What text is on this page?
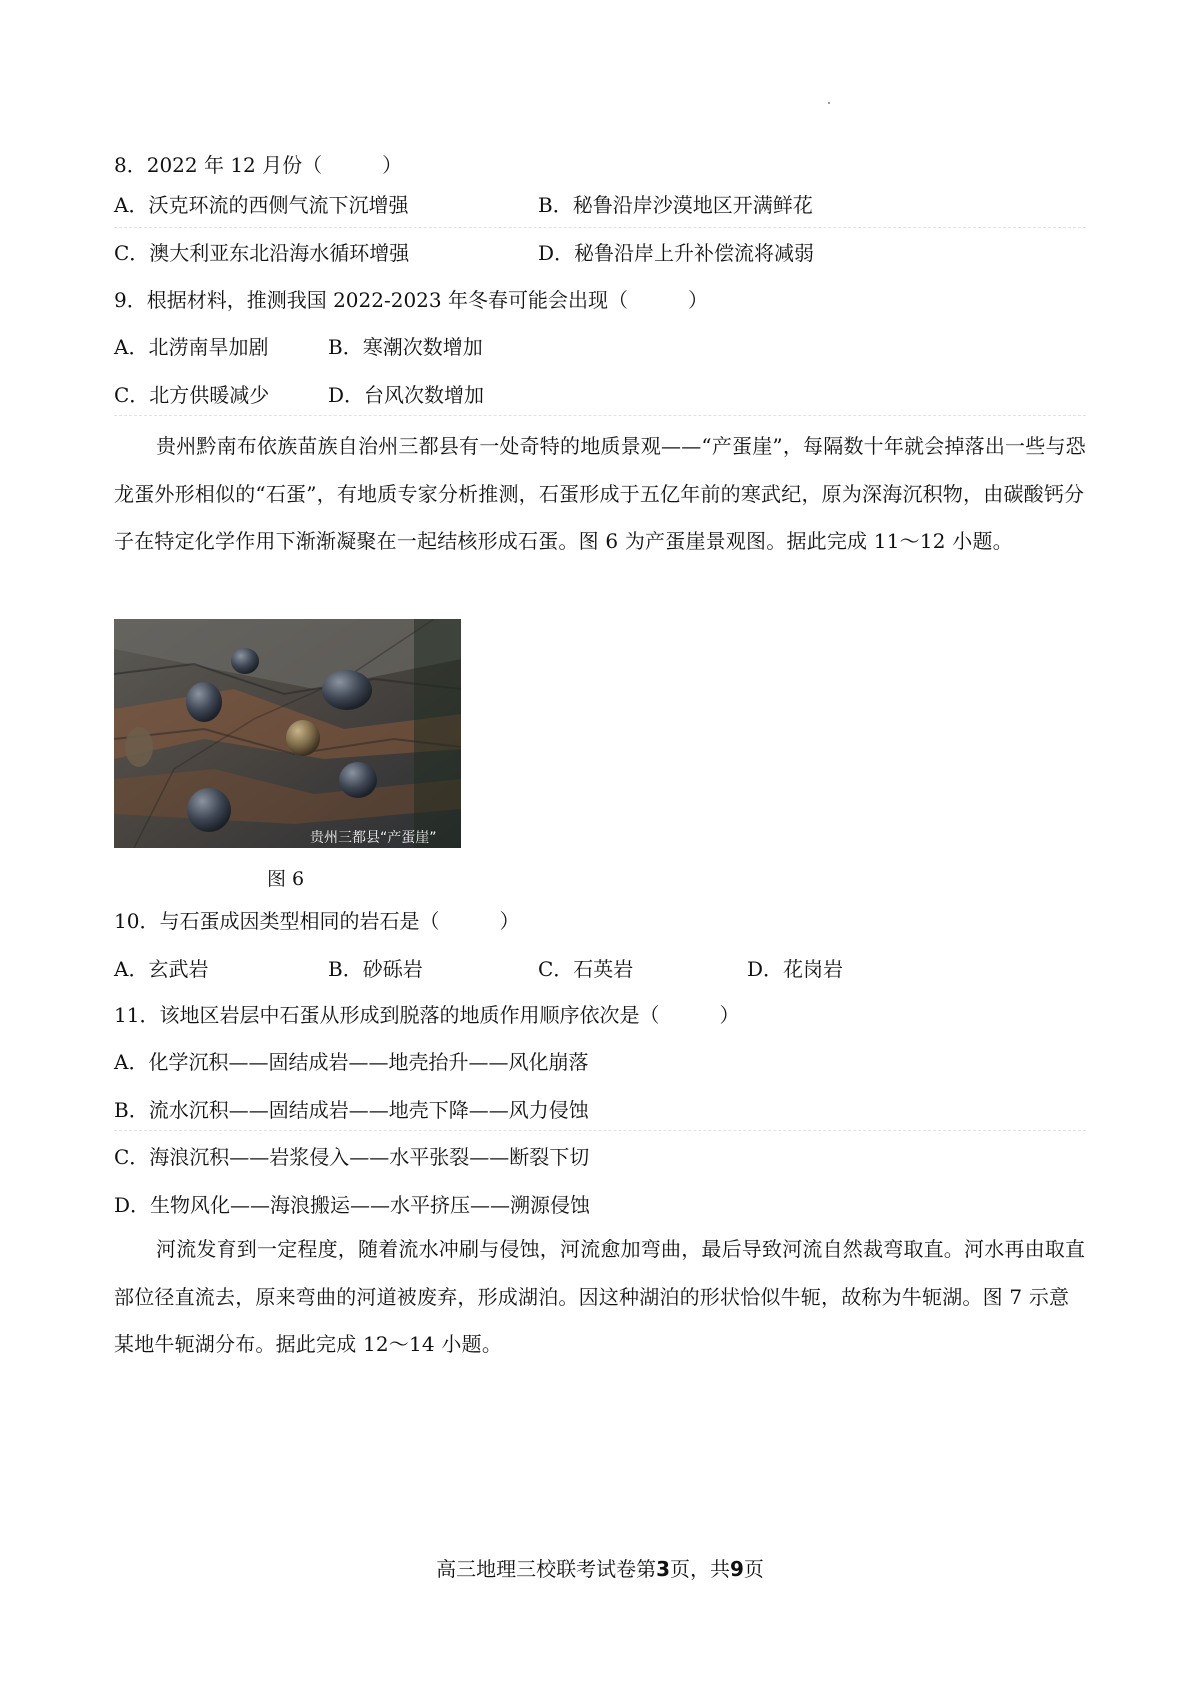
8．2022 年 12 月份（　　　）
A．沃克环流的西侧气流下沉增强	B．秘鲁沿岸沙漠地区开满鲜花
C．澳大利亚东北沿海水循环增强	D．秘鲁沿岸上升补偿流将减弱
9．根据材料，推测我国 2022-2023 年冬春可能会出现（　　　）
A．北涝南旱加剧	B．寒潮次数增加
C．北方供暖减少	D．台风次数增加
贵州黔南布依族苗族自治州三都县有一处奇特的地质景观——“产蛋崖”，每隔数十年就会掉落出一些与恐龙蛋外形相似的“石蛋”，有地质专家分析推测，石蛋形成于五亿年前的寒武纪，原为深海沉积物，由碳酸钙分子在特定化学作用下渐渐凝聚在一起结核形成石蛋。图 6 为产蛋崖景观图。据此完成 11～12 小题。
贵州三都县“产蛋崖”
图 6
10．与石蛋成因类型相同的岩石是（　　　）
A．玄武岩	B．砂砾岩	C．石英岩	D．花岗岩
11．该地区岩层中石蛋从形成到脱落的地质作用顺序依次是（　　　）
A．化学沉积——固结成岩——地壳抬升——风化崩落
B．流水沉积——固结成岩——地壳下降——风力侵蚀
C．海浪沉积——岩浆侵入——水平张裂——断裂下切
D．生物风化——海浪搬运——水平挤压——溯源侵蚀
河流发育到一定程度，随着流水冲刷与侵蚀，河流愈加弯曲，最后导致河流自然裁弯取直。河水再由取直部位径直流去，原来弯曲的河道被废弃，形成湖泊。因这种湖泊的形状恰似牛轭，故称为牛轭湖。图 7 示意某地牛轭湖分布。据此完成 12～14 小题。
高三地理三校联考试卷第3页，共9页
